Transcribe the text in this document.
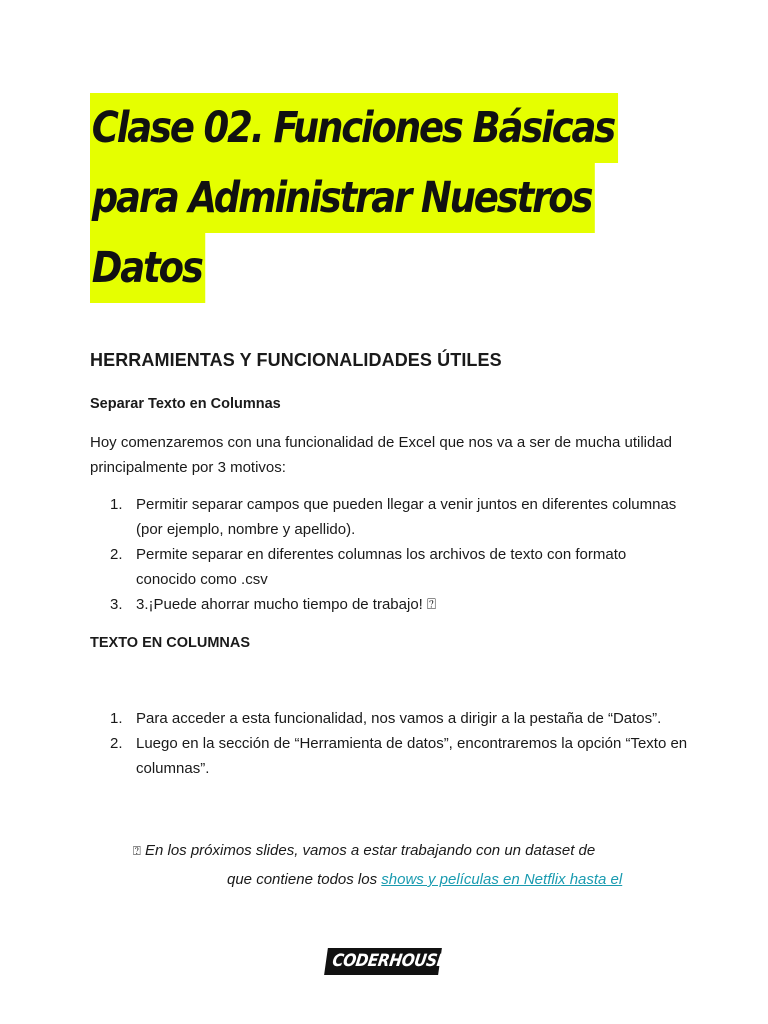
Clase 02. Funciones Básicas
para Administrar Nuestros
Datos
HERRAMIENTAS Y FUNCIONALIDADES ÚTILES
Separar Texto en Columnas

Hoy comenzaremos con una funcionalidad de Excel que nos va a ser de mucha utilidad principalmente por 3 motivos:

1. Permitir separar campos que pueden llegar a venir juntos en diferentes columnas (por ejemplo, nombre y apellido).
2. Permite separar en diferentes columnas los archivos de texto con formato conocido como .csv
3. 3.¡Puede ahorrar mucho tiempo de trabajo! ⍰
TEXTO EN COLUMNAS
1. Para acceder a esta funcionalidad, nos vamos a dirigir a la pestaña de “Datos”.
2. Luego en la sección de “Herramienta de datos”, encontraremos la opción “Texto en columnas”.

⍰ En los próximos slides, vamos a estar trabajando con un dataset de
que contiene todos los shows y películas en Netflix hasta el

CODERHOUSE
